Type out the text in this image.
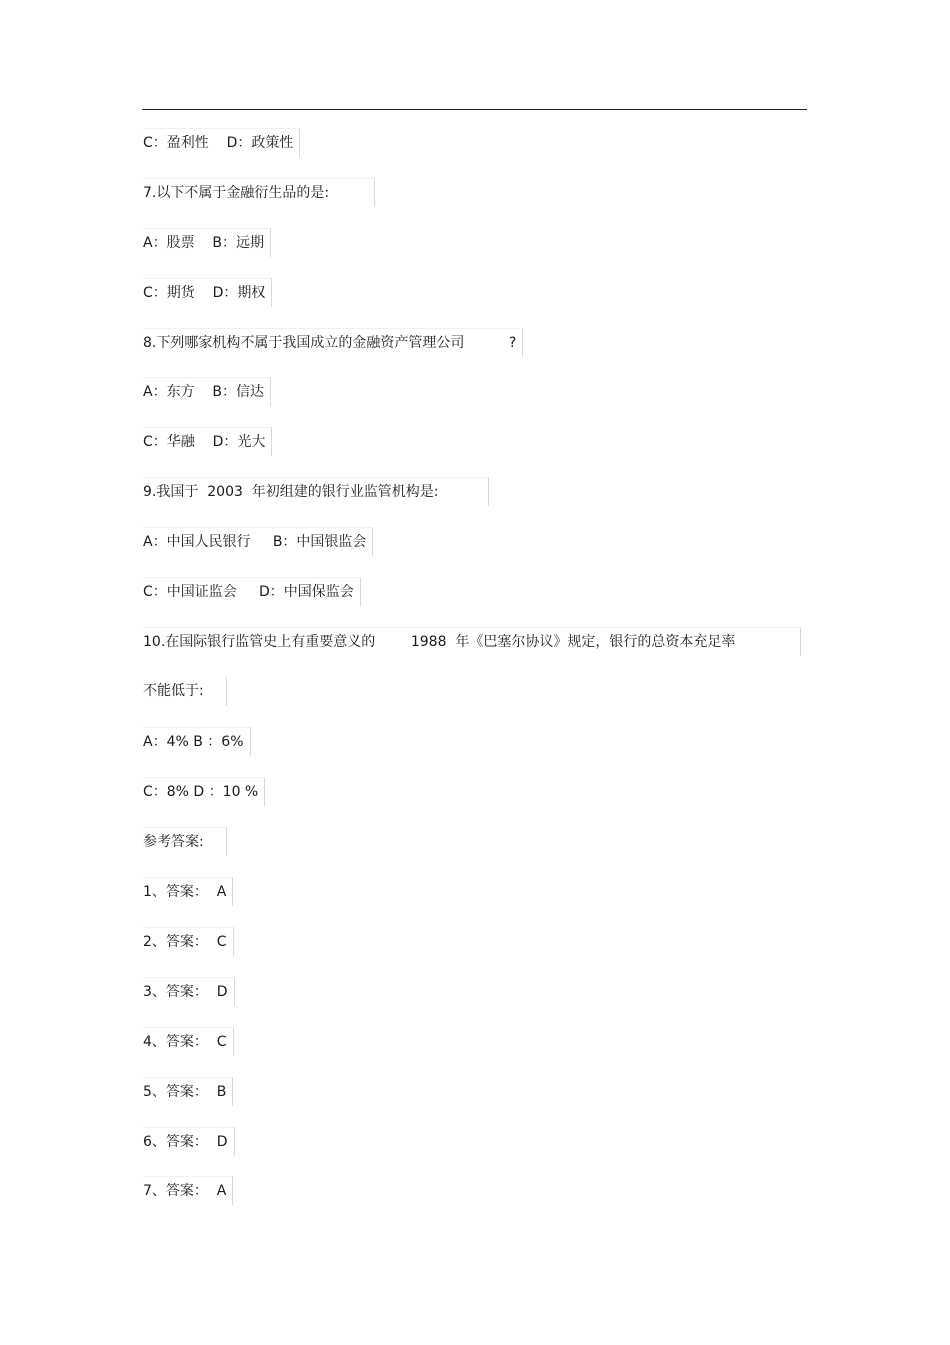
C：盈利性    D：政策性
7.以下不属于金融衍生品的是:
A：股票    B：远期
C：期货    D：期权
8.下列哪家机构不属于我国成立的金融资产管理公司          ?
A：东方    B：信达
C：华融    D：光大
9.我国于  2003  年初组建的银行业监管机构是:
A：中国人民银行     B：中国银监会
C：中国证监会     D：中国保监会
10.在国际银行监管史上有重要意义的        1988  年《巴塞尔协议》规定，银行的总资本充足率
不能低于:
A：4% B ：6%
C：8% D ：10 %
参考答案:
1、答案：  A
2、答案：  C
3、答案：  D
4、答案：  C
5、答案：  B
6、答案：  D
7、答案：  A
